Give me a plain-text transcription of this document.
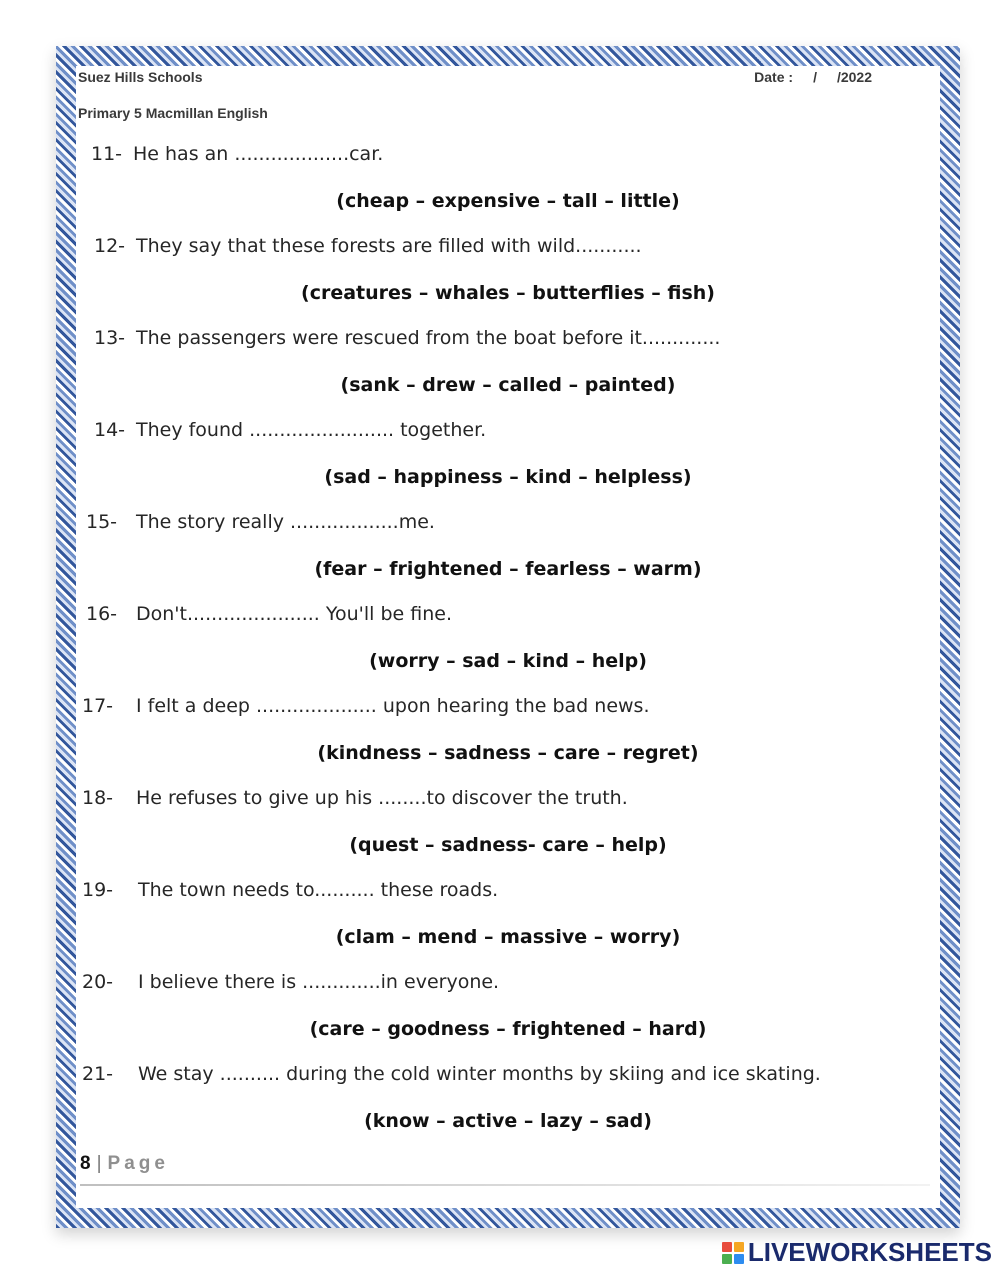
Suez Hills Schools
Primary 5 Macmillan English
Date : / /2022
11- He has an ...................car.
(cheap – expensive – tall – little)
12- They say that these forests are filled with wild...........
(creatures – whales – butterflies – fish)
13- The passengers were rescued from the boat before it.............
(sank – drew – called – painted)
14- They found ........................ together.
(sad – happiness – kind – helpless)
15- The story really ..................me.
(fear – frightened – fearless – warm)
16- Don't...................... You'll be fine.
(worry – sad – kind – help)
17- I felt a deep .................... upon hearing the bad news.
(kindness – sadness – care – regret)
18- He refuses to give up his ........to discover the truth.
(quest – sadness- care – help)
19- The town needs to.......... these roads.
(clam – mend – massive – worry)
20- I believe there is .............in everyone.
(care – goodness – frightened – hard)
21- We stay .......... during the cold winter months by skiing and ice skating.
(know – active – lazy – sad)
8 | Page
LIVEWORKSHEETS
